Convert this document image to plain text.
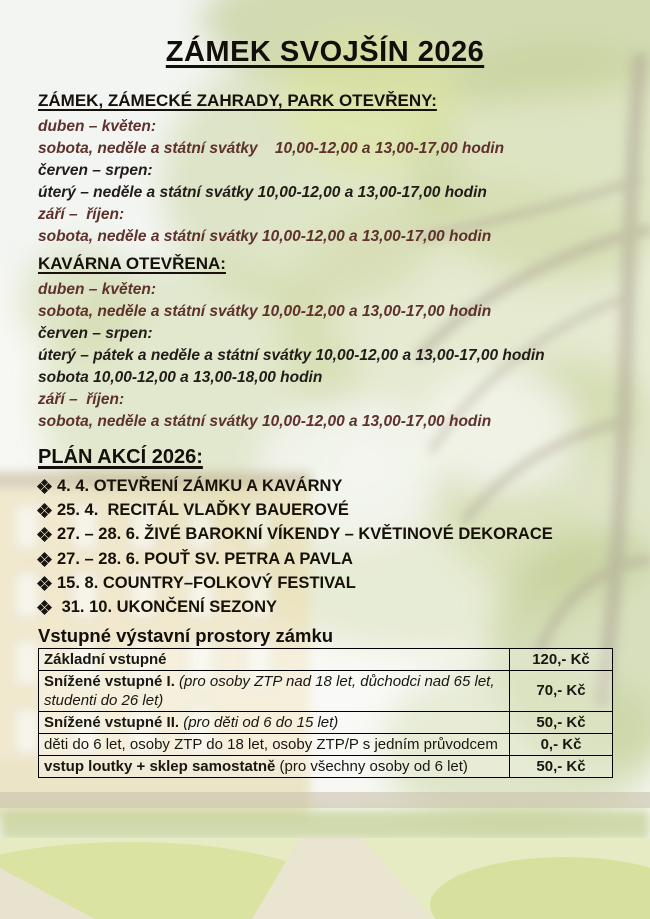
ZÁMEK SVOJŠÍN 2026
ZÁMEK, ZÁMECKÉ ZAHRADY, PARK OTEVŘENY:

duben – květen:

sobota, neděle a státní svátky    10,00-12,00 a 13,00-17,00 hodin

červen – srpen:

úterý – neděle a státní svátky 10,00-12,00 a 13,00-17,00 hodin

září –  říjen:

sobota, neděle a státní svátky 10,00-12,00 a 13,00-17,00 hodin

KAVÁRNA OTEVŘENA:

duben – květen:

sobota, neděle a státní svátky 10,00-12,00 a 13,00-17,00 hodin

červen – srpen:

úterý – pátek a neděle a státní svátky 10,00-12,00 a 13,00-17,00 hodin

sobota 10,00-12,00 a 13,00-18,00 hodin

září –  říjen:

sobota, neděle a státní svátky 10,00-12,00 a 13,00-17,00 hodin

PLÁN AKCÍ 2026:
4. 4. OTEVŘENÍ ZÁMKU A KAVÁRNY
25. 4.  RECITÁL VLAĎKY BAUEROVÉ
27. – 28. 6. ŽIVÉ BAROKNÍ VÍKENDY – KVĚTINOVÉ DEKORACE
27. – 28. 6. POUŤ SV. PETRA A PAVLA
15. 8. COUNTRY–FOLKOVÝ FESTIVAL
31. 10. UKONČENÍ SEZONY
Vstupné výstavní prostory zámku
Základní vstupné	120,- Kč
Snížené vstupné I. (pro osoby ZTP nad 18 let, důchodci nad 65 let, studenti do 26 let)	70,- Kč
Snížené vstupné II. (pro děti od 6 do 15 let)	50,- Kč
děti do 6 let, osoby ZTP do 18 let, osoby ZTP/P s jedním průvodcem	0,- Kč
vstup loutky + sklep samostatně (pro všechny osoby od 6 let)	50,- Kč
